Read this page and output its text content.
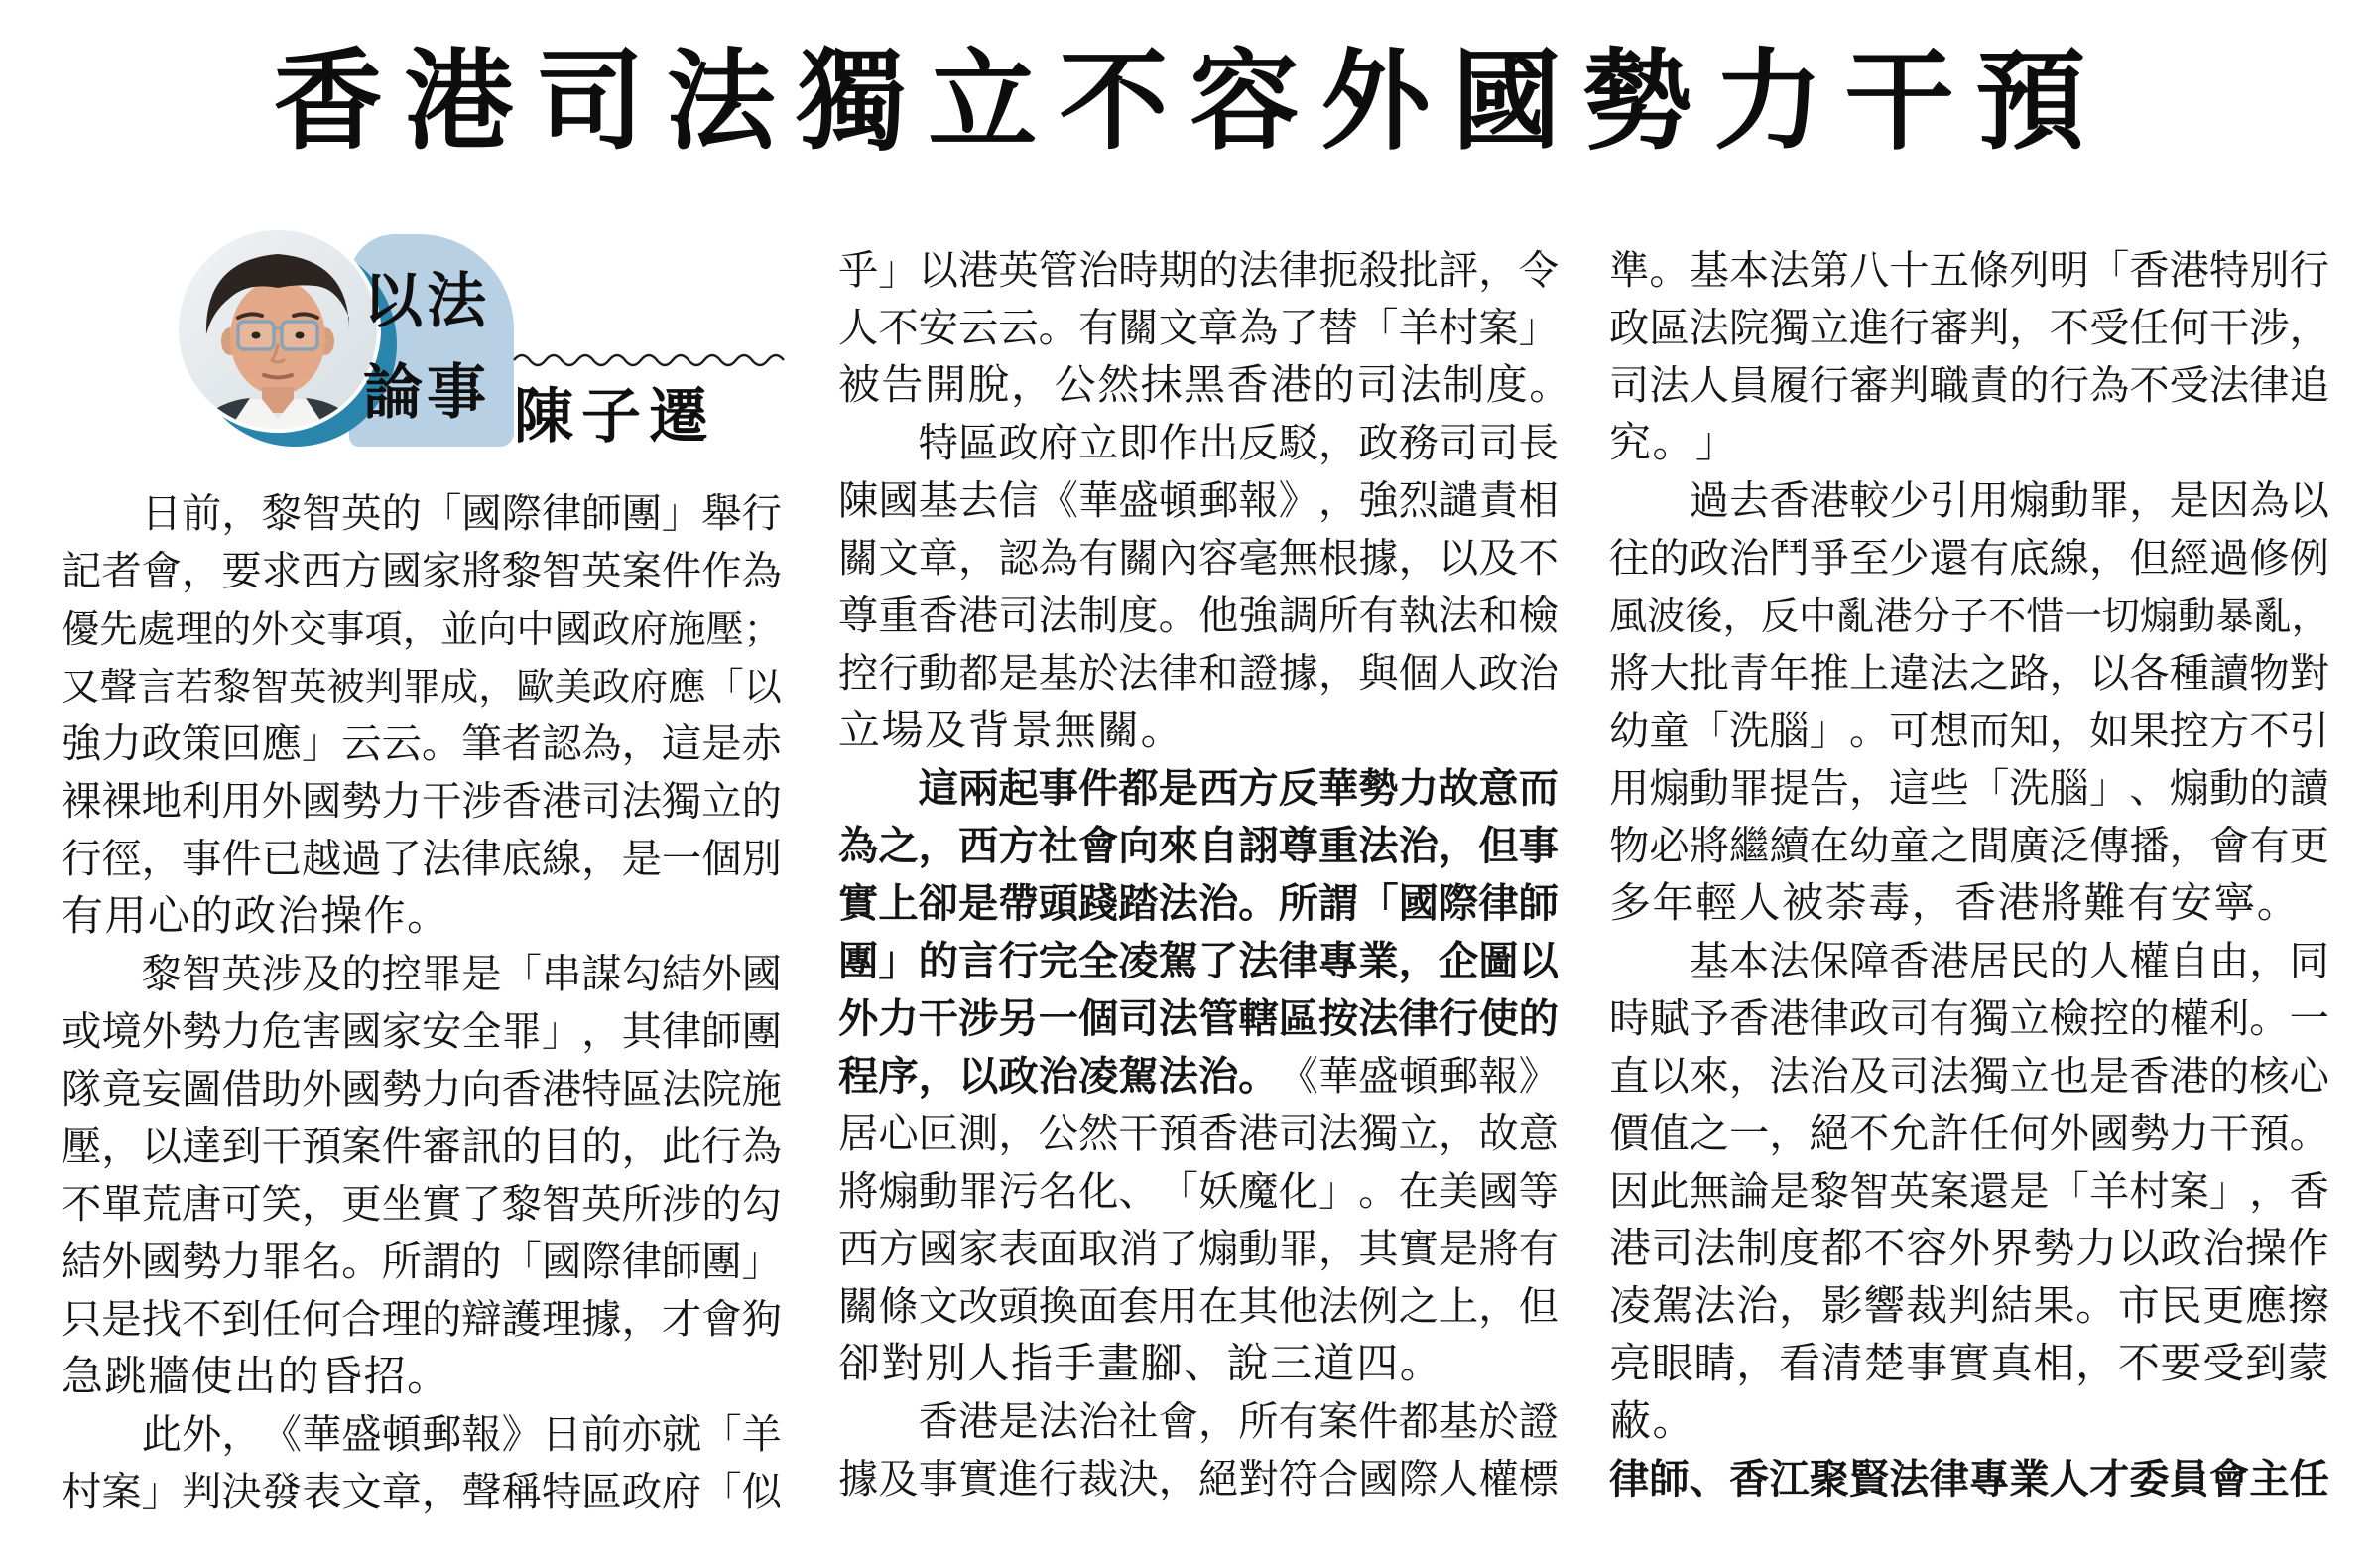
香港司法獨立不容外國勢力干預
以法
論事 陳子遷

日 前 ， 黎 智 英 的 「 國 際 律 師 團 」 舉 行
記 者 會 ， 要 求 西 方 國 家 將 黎 智 英 案 件 作 為
優 先 處 理 的 外 交 事 項 ， 並 向 中 國 政 府 施 壓 ；
又 聲 言 若 黎 智 英 被 判 罪 成 ， 歐 美 政 府 應 「 以
強 力 政 策 回 應 」 云 云 。 筆 者 認 為 ， 這 是 赤
裸 裸 地 利 用 外 國 勢 力 干 涉 香 港 司 法 獨 立 的
行 徑 ， 事 件 已 越 過 了 法 律 底 線 ， 是 一 個 別
有 用 心 的 政 治 操 作 。

黎 智 英 涉 及 的 控 罪 是 「 串 謀 勾 結 外 國
或 境 外 勢 力 危 害 國 家 安 全 罪 」 ， 其 律 師 團
隊 竟 妄 圖 借 助 外 國 勢 力 向 香 港 特 區 法 院 施
壓 ， 以 達 到 干 預 案 件 審 訊 的 目 的 ， 此 行 為
不 單 荒 唐 可 笑 ， 更 坐 實 了 黎 智 英 所 涉 的 勾
結 外 國 勢 力 罪 名 。 所 謂 的 「 國 際 律 師 團 」
只 是 找 不 到 任 何 合 理 的 辯 護 理 據 ， 才 會 狗
急 跳 牆 使 出 的 昏 招 。

此 外 ， 《 華 盛 頓 郵 報 》 日 前 亦 就 「 羊
村 案 」 判 決 發 表 文 章 ， 聲 稱 特 區 政 府 「 似
乎 」 以 港 英 管 治 時 期 的 法 律 扼 殺 批 評 ， 令
人 不 安 云 云 。 有 關 文 章 為 了 替 「 羊 村 案 」
被 告 開 脫 ， 公 然 抹 黑 香 港 的 司 法 制 度 。

特 區 政 府 立 即 作 出 反 駁 ， 政 務 司 司 長
陳 國 基 去 信 《 華 盛 頓 郵 報 》 ， 強 烈 譴 責 相
關 文 章 ， 認 為 有 關 內 容 毫 無 根 據 ， 以 及 不
尊 重 香 港 司 法 制 度 。 他 強 調 所 有 執 法 和 檢
控 行 動 都 是 基 於 法 律 和 證 據 ， 與 個 人 政 治
立 場 及 背 景 無 關 。

這 兩 起 事 件 都 是 西 方 反 華 勢 力 故 意 而
為 之 ， 西 方 社 會 向 來 自 詡 尊 重 法 治 ， 但 事
實 上 卻 是 帶 頭 踐 踏 法 治 。 所 謂 「 國 際 律 師
團 」 的 言 行 完 全 凌 駕 了 法 律 專 業 ， 企 圖 以
外 力 干 涉 另 一 個 司 法 管 轄 區 按 法 律 行 使 的
程 序 ， 以 政 治 凌 駕 法 治 。 《 華 盛 頓 郵 報 》
居 心 叵 測 ， 公 然 干 預 香 港 司 法 獨 立 ， 故 意
將 煽 動 罪 污 名 化 、 「 妖 魔 化 」 。 在 美 國 等
西 方 國 家 表 面 取 消 了 煽 動 罪 ， 其 實 是 將 有
關 條 文 改 頭 換 面 套 用 在 其 他 法 例 之 上 ， 但
卻 對 別 人 指 手 畫 腳 、 說 三 道 四 。

香 港 是 法 治 社 會 ， 所 有 案 件 都 基 於 證
據 及 事 實 進 行 裁 決 ， 絕 對 符 合 國 際 人 權 標
準 。 基 本 法 第 八 十 五 條 列 明 「 香 港 特 別 行
政 區 法 院 獨 立 進 行 審 判 ， 不 受 任 何 干 涉 ，
司 法 人 員 履 行 審 判 職 責 的 行 為 不 受 法 律 追
究 。 」

過 去 香 港 較 少 引 用 煽 動 罪 ， 是 因 為 以
往 的 政 治 鬥 爭 至 少 還 有 底 線 ， 但 經 過 修 例
風 波 後 ， 反 中 亂 港 分 子 不 惜 一 切 煽 動 暴 亂 ，
將 大 批 青 年 推 上 違 法 之 路 ， 以 各 種 讀 物 對
幼 童 「 洗 腦 」 。 可 想 而 知 ， 如 果 控 方 不 引
用 煽 動 罪 提 告 ， 這 些 「 洗 腦 」 、 煽 動 的 讀
物 必 將 繼 續 在 幼 童 之 間 廣 泛 傳 播 ， 會 有 更
多 年 輕 人 被 荼 毒 ， 香 港 將 難 有 安 寧 。

基 本 法 保 障 香 港 居 民 的 人 權 自 由 ， 同
時 賦 予 香 港 律 政 司 有 獨 立 檢 控 的 權 利 。 一
直 以 來 ， 法 治 及 司 法 獨 立 也 是 香 港 的 核 心
價 值 之 一 ， 絕 不 允 許 任 何 外 國 勢 力 干 預 。
因 此 無 論 是 黎 智 英 案 還 是 「 羊 村 案 」 ， 香
港 司 法 制 度 都 不 容 外 界 勢 力 以 政 治 操 作
凌 駕 法 治 ， 影 響 裁 判 結 果 。 市 民 更 應 擦
亮 眼 睛 ， 看 清 楚 事 實 真 相 ， 不 要 受 到 蒙
蔽 。
律 師 、 香 江 聚 賢 法 律 專 業 人 才 委 員 會 主 任
